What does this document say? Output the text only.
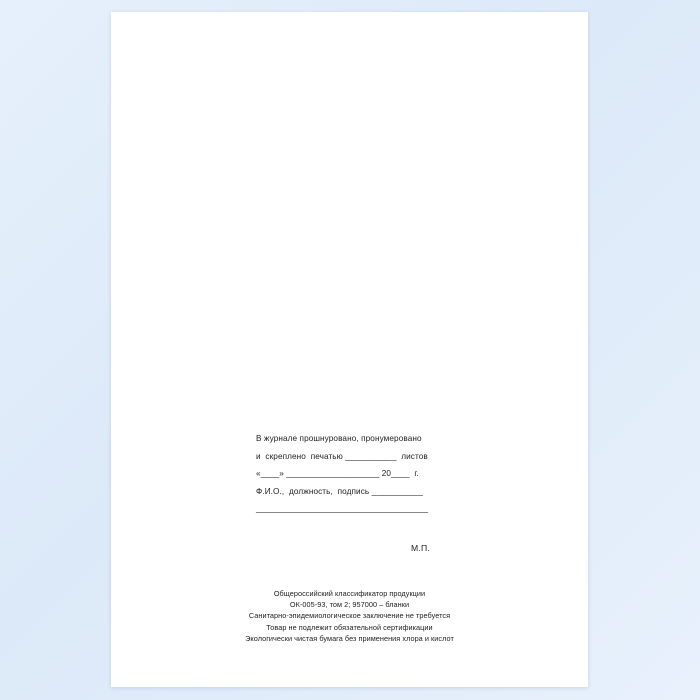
В журнале прошнуровано, пронумеровано
и  скреплено  печатью ___________  листов
«____» ____________________ 20____  г.
Ф.И.О.,  должность,  подпись ___________
_____________________________________
М.П.
Общероссийский классификатор продукции
ОК-005-93, том 2; 957000 – бланки
Санитарно-эпидемиологическое заключение не требуется
Товар не подлежит обязательной сертификации
Экологически чистая бумага без применения хлора и кислот
